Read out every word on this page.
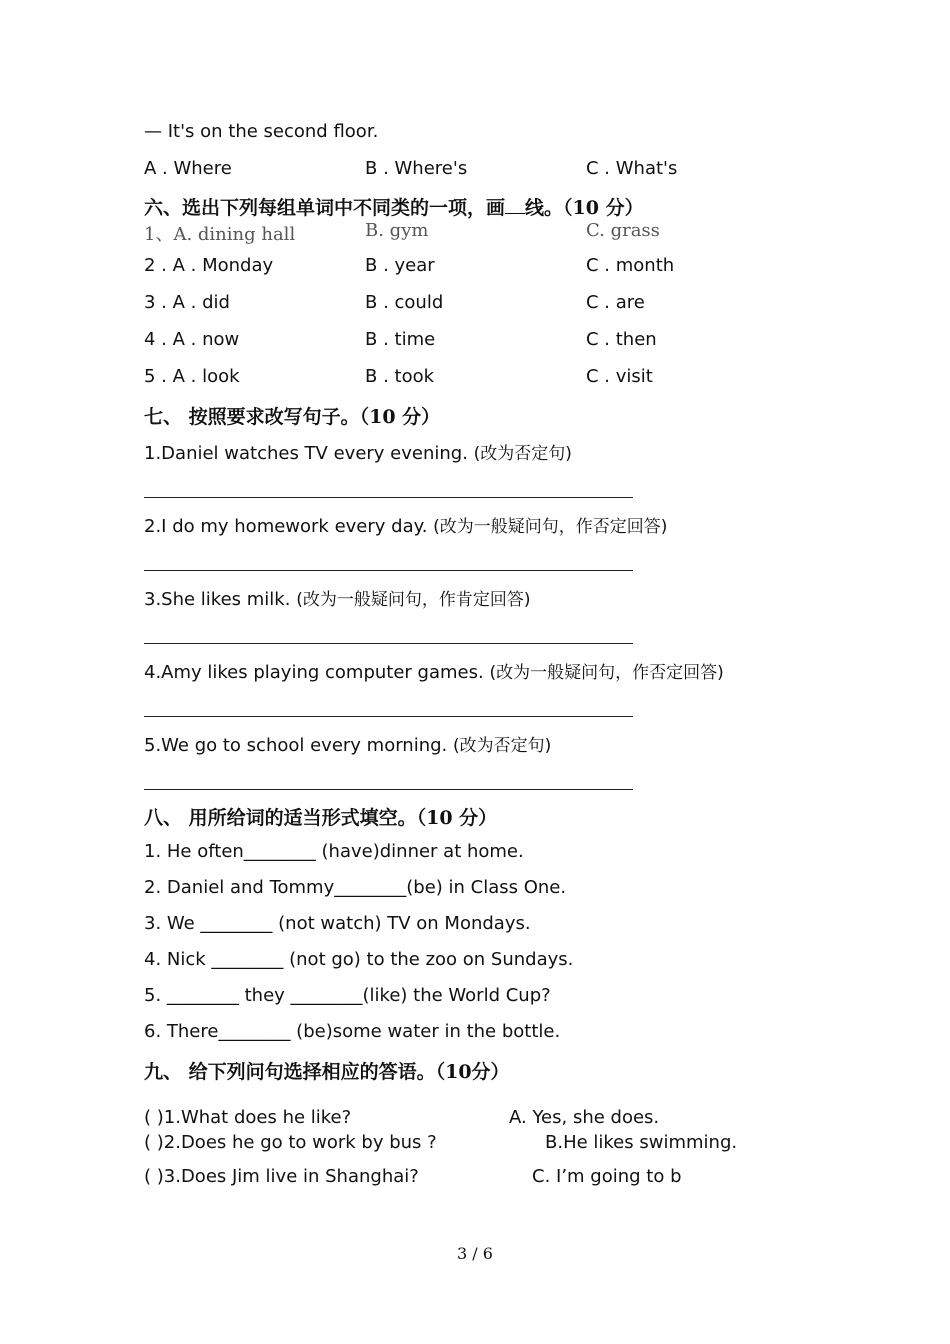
— It's on the second floor.
A . Where	B . Where's	C . What's
六、选出下列每组单词中不同类的一项，画 线。（10 分）
1、A. dining hall	B. gym	C. grass
2 . A . Monday	B . year	C . month
3 . A . did	B . could	C . are
4 . A . now	B . time	C . then
5 . A . look	B . took	C . visit
七、 按照要求改写句子。（10 分）
1.Daniel watches TV every evening. (改为否定句)
2.I do my homework every day. (改为一般疑问句，作否定回答)
3.She likes milk. (改为一般疑问句，作肯定回答)
4.Amy likes playing computer games. (改为一般疑问句，作否定回答)
5.We go to school every morning. (改为否定句)
八、 用所给词的适当形式填空。（10 分）
1. He often________ (have)dinner at home.
2. Daniel and Tommy________(be) in Class One.
3. We ________ (not watch) TV on Mondays.
4. Nick ________ (not go) to the zoo on Sundays.
5. ________ they ________(like) the World Cup?
6. There________ (be)some water in the bottle.
九、 给下列问句选择相应的答语。（10分）
( )1.What does he like?	A. Yes, she does.
( )2.Does he go to work by bus ?	B.He likes swimming.
( )3.Does Jim live in Shanghai?	C. I’m going to b
3 / 6
